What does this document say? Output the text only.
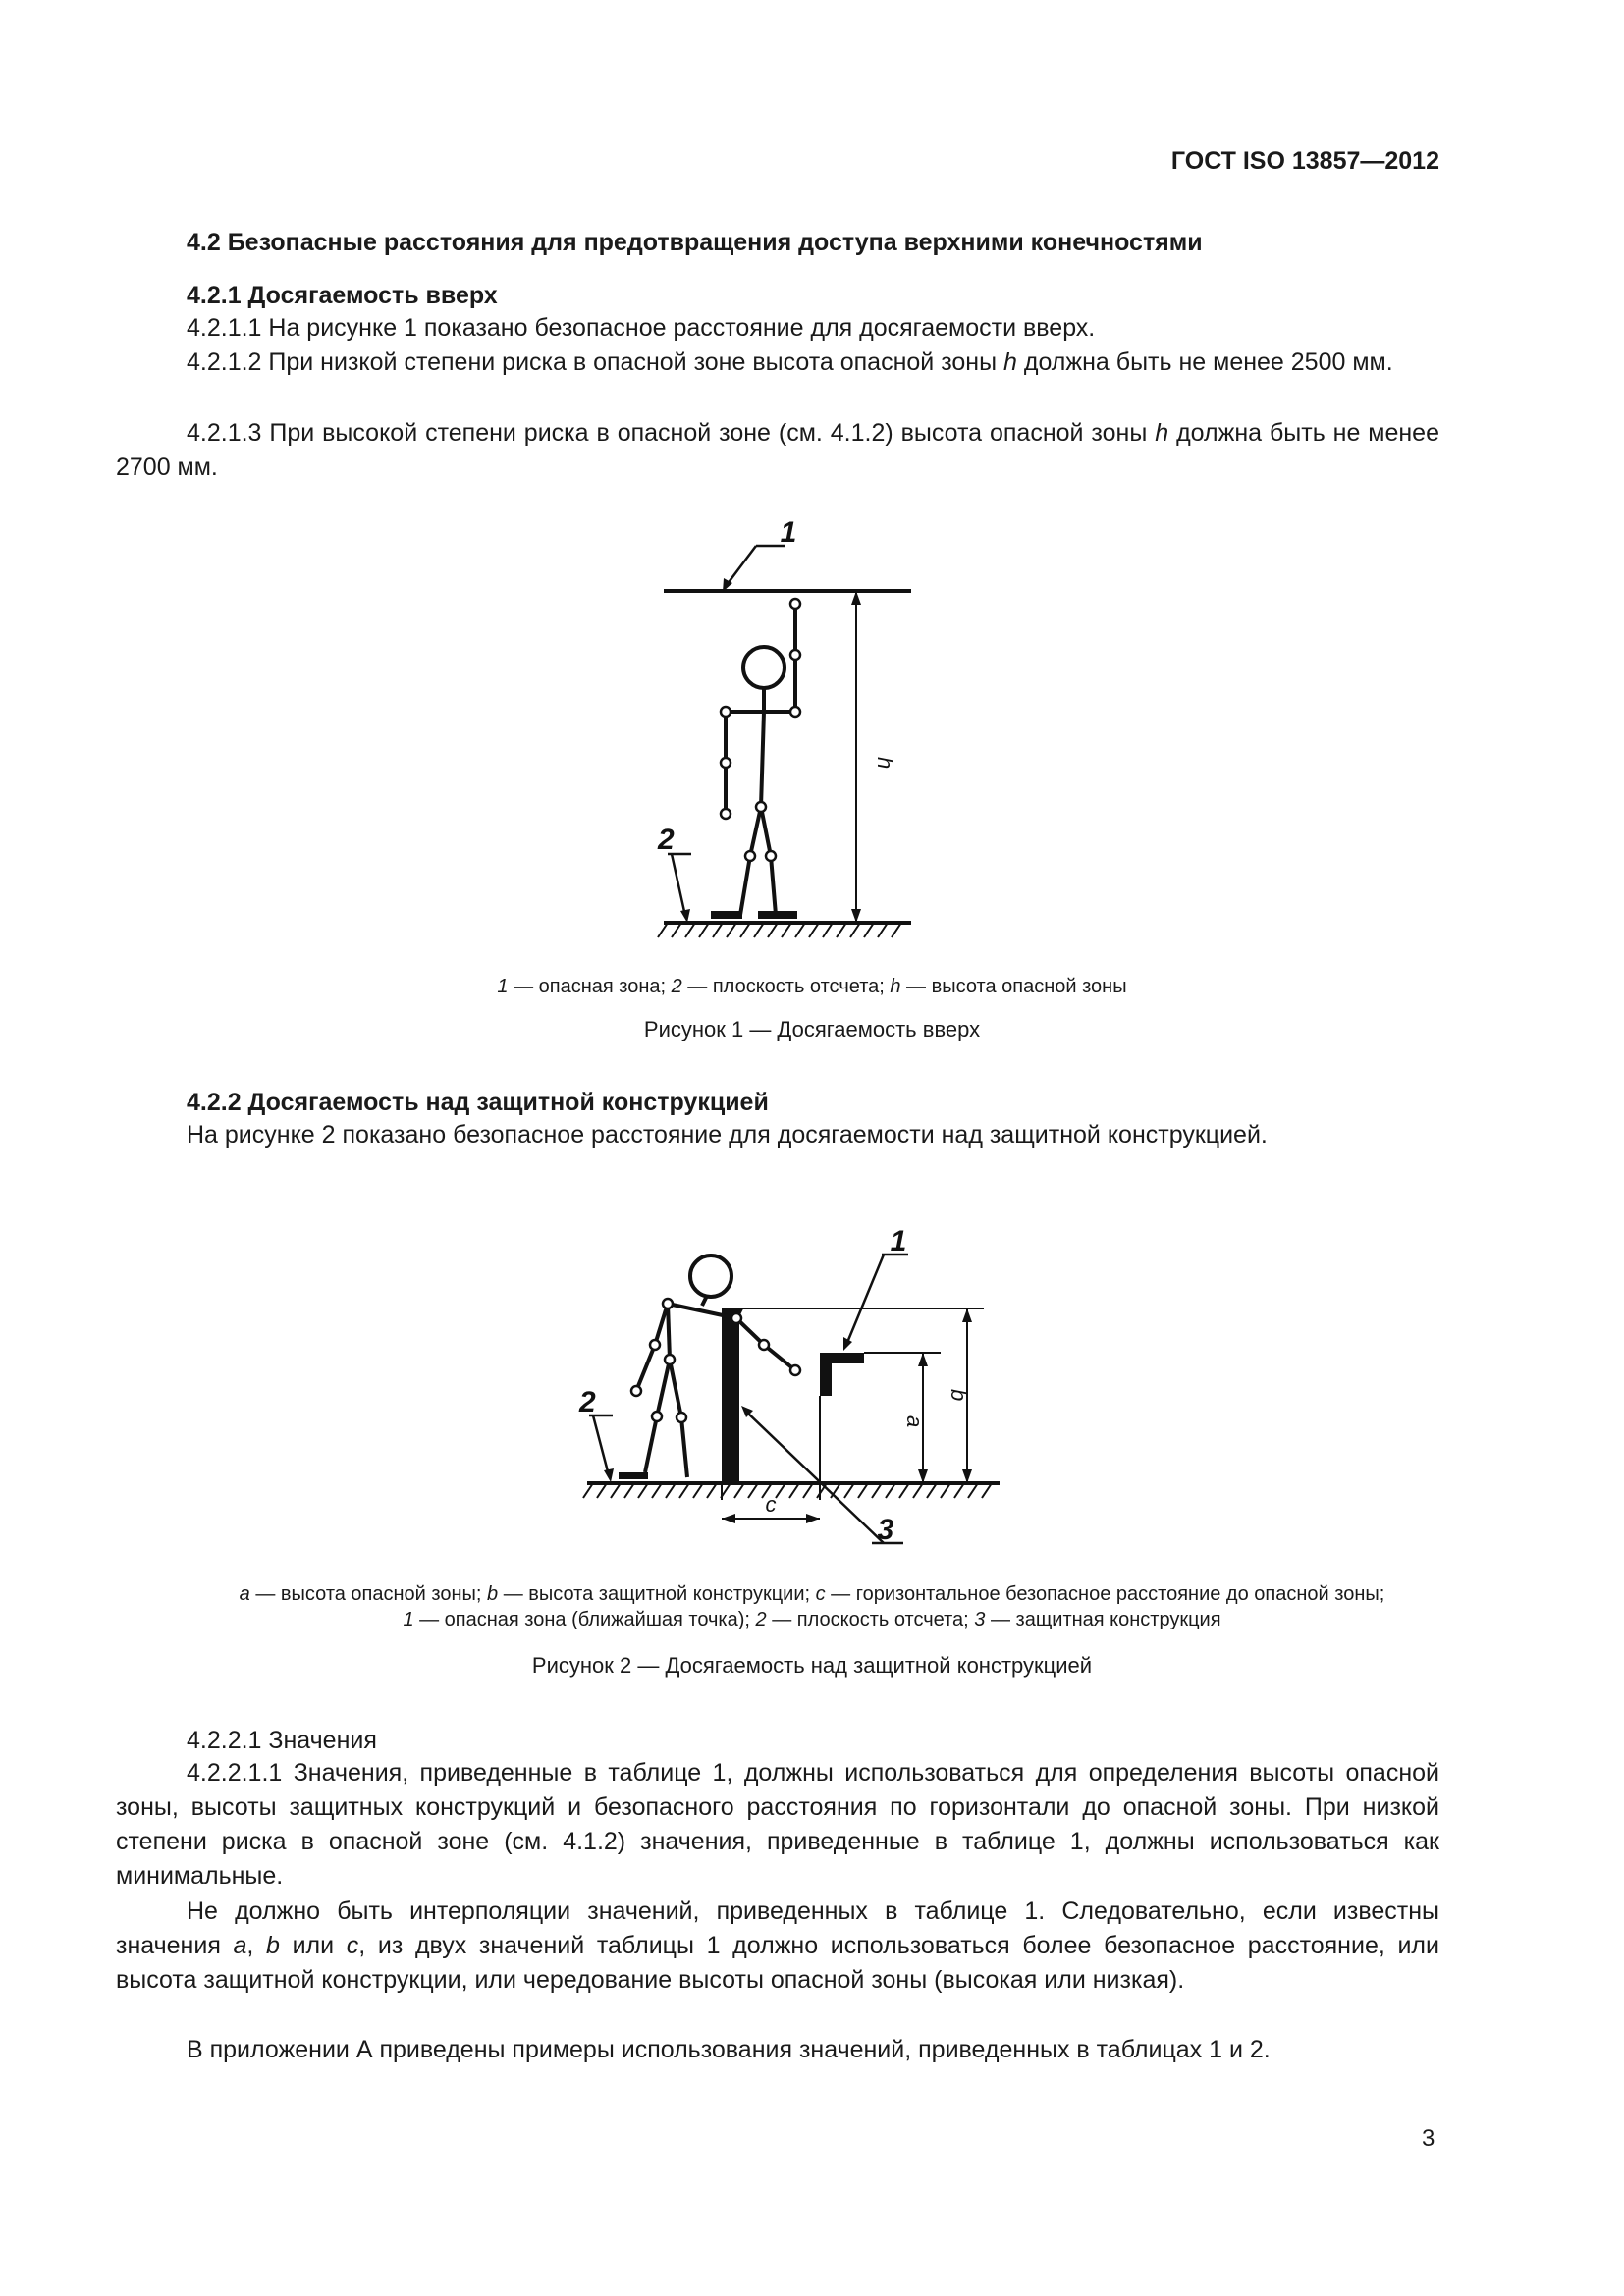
ГОСТ ISO 13857—2012
4.2 Безопасные расстояния для предотвращения доступа верхними конечностями
4.2.1 Досягаемость вверх
4.2.1.1 На рисунке 1 показано безопасное расстояние для досягаемости вверх.
4.2.1.2 При низкой степени риска в опасной зоне высота опасной зоны h должна быть не менее 2500 мм.
4.2.1.3 При высокой степени риска в опасной зоне (см. 4.1.2) высота опасной зоны h должна быть не менее 2700 мм.
1
2
h
1 — опасная зона; 2 — плоскость отсчета; h — высота опасной зоны
Рисунок 1 — Досягаемость вверх
4.2.2 Досягаемость над защитной конструкцией
На рисунке 2 показано безопасное расстояние для досягаемости над защитной конструкцией.
1
2
3
a
b
c
a — высота опасной зоны; b — высота защитной конструкции; c — горизонтальное безопасное расстояние до опасной зоны;
1 — опасная зона (ближайшая точка); 2 — плоскость отсчета; 3 — защитная конструкция
Рисунок 2 — Досягаемость над защитной конструкцией
4.2.2.1 Значения
4.2.2.1.1 Значения, приведенные в таблице 1, должны использоваться для определения высоты опасной зоны, высоты защитных конструкций и безопасного расстояния по горизонтали до опасной зоны. При низкой степени риска в опасной зоне (см. 4.1.2) значения, приведенные в таблице 1, должны использоваться как минимальные.
Не должно быть интерполяции значений, приведенных в таблице 1. Следовательно, если известны значения a, b или c, из двух значений таблицы 1 должно использоваться более безопасное расстояние, или высота защитной конструкции, или чередование высоты опасной зоны (высокая или низкая).
В приложении А приведены примеры использования значений, приведенных в таблицах 1 и 2.
3
